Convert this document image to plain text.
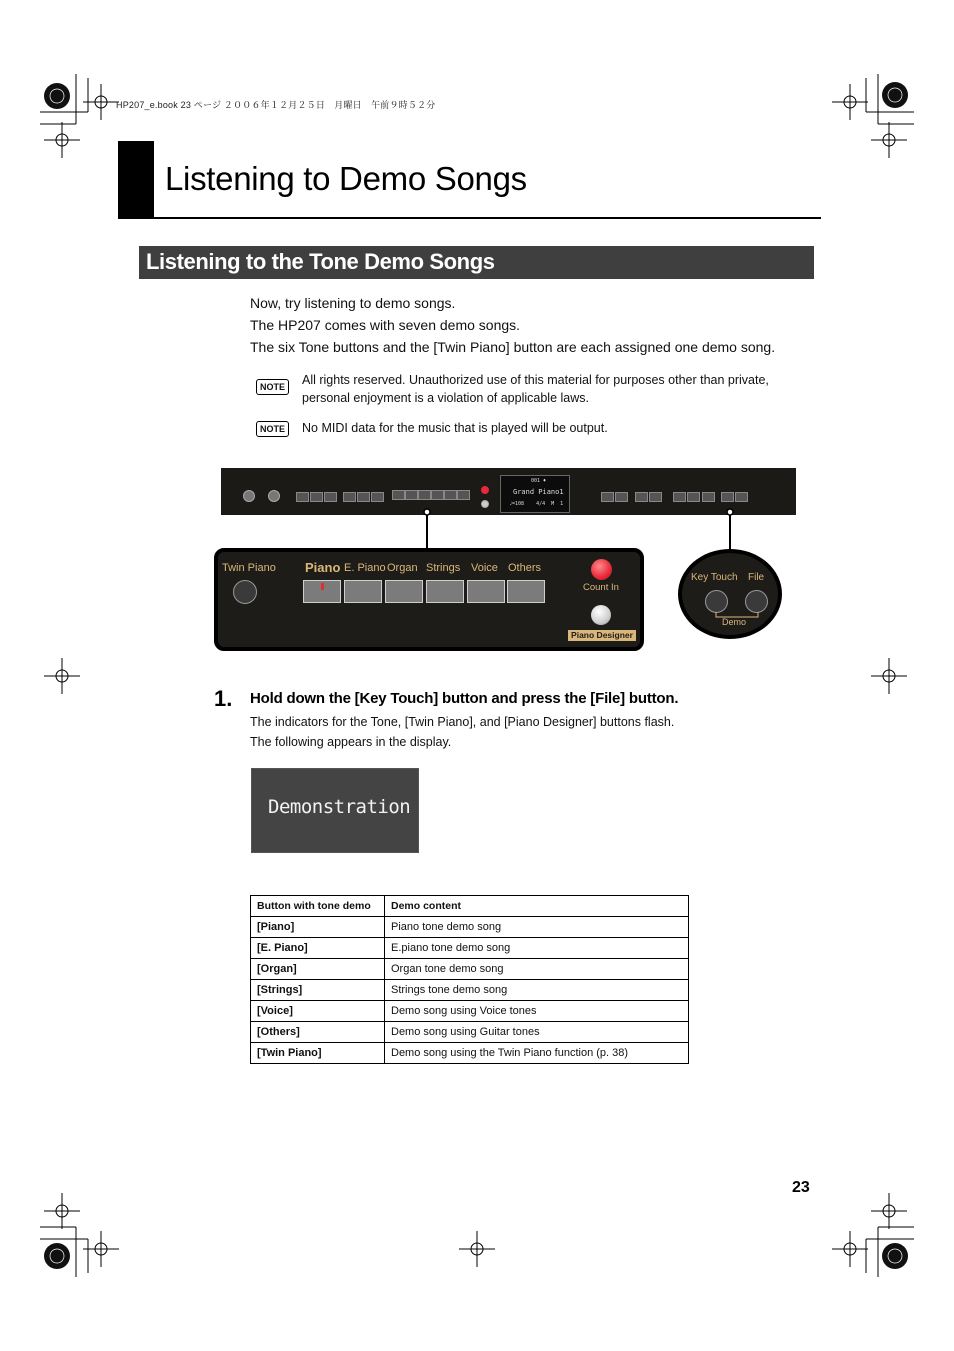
HP207_e.book 23 ページ ２００６年１２月２５日　月曜日　午前９時５２分
Listening to Demo Songs
Listening to the Tone Demo Songs
Now, try listening to demo songs.
The HP207 comes with seven demo songs.
The six Tone buttons and the [Twin Piano] button are each assigned one demo song.
NOTE	All rights reserved. Unauthorized use of this material for purposes other than private,
personal enjoyment is a violation of applicable laws.
NOTE	No MIDI data for the music that is played will be output.
001 ♦
Grand Piano1
♩=108    4/4  M  1
Twin Piano Piano E. Piano Organ Strings Voice Others
Count In
Piano Designer
Key Touch File
Demo
1. Hold down the [Key Touch] button and press the [File] button.
The indicators for the Tone, [Twin Piano], and [Piano Designer] buttons flash.
The following appears in the display.
Demonstration
Button with tone demo	Demo content
[Piano]	Piano tone demo song
[E. Piano]	E.piano tone demo song
[Organ]	Organ tone demo song
[Strings]	Strings tone demo song
[Voice]	Demo song using Voice tones
[Others]	Demo song using Guitar tones
[Twin Piano]	Demo song using the Twin Piano function (p. 38)
23
